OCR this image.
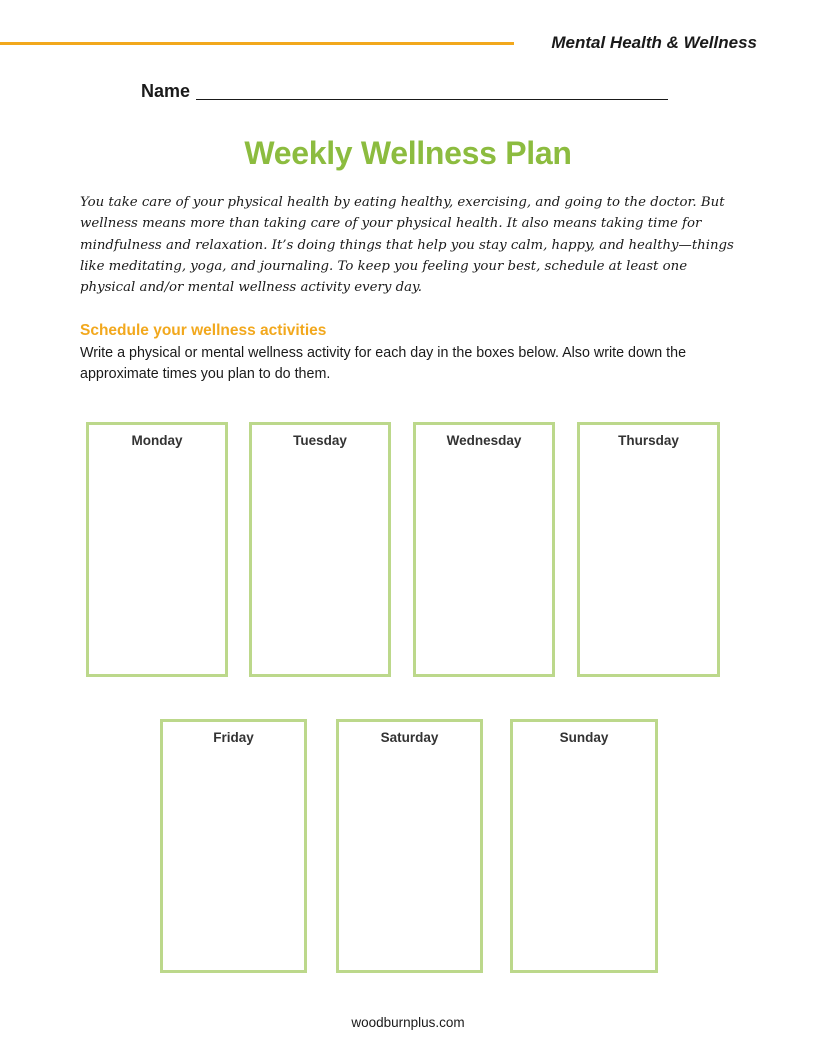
Mental Health & Wellness
Name
Weekly Wellness Plan

You take care of your physical health by eating healthy, exercising, and going to the doctor. But wellness means more than taking care of your physical health. It also means taking time for mindfulness and relaxation. It’s doing things that help you stay calm, happy, and healthy—things like meditating, yoga, and journaling. To keep you feeling your best, schedule at least one physical and/or mental wellness activity every day.

Schedule your wellness activities

Write a physical or mental wellness activity for each day in the boxes below. Also write down the approximate times you plan to do them.

Monday	Tuesday	Wednesday	Thursday
Friday	Saturday	Sunday
woodburnplus.com
